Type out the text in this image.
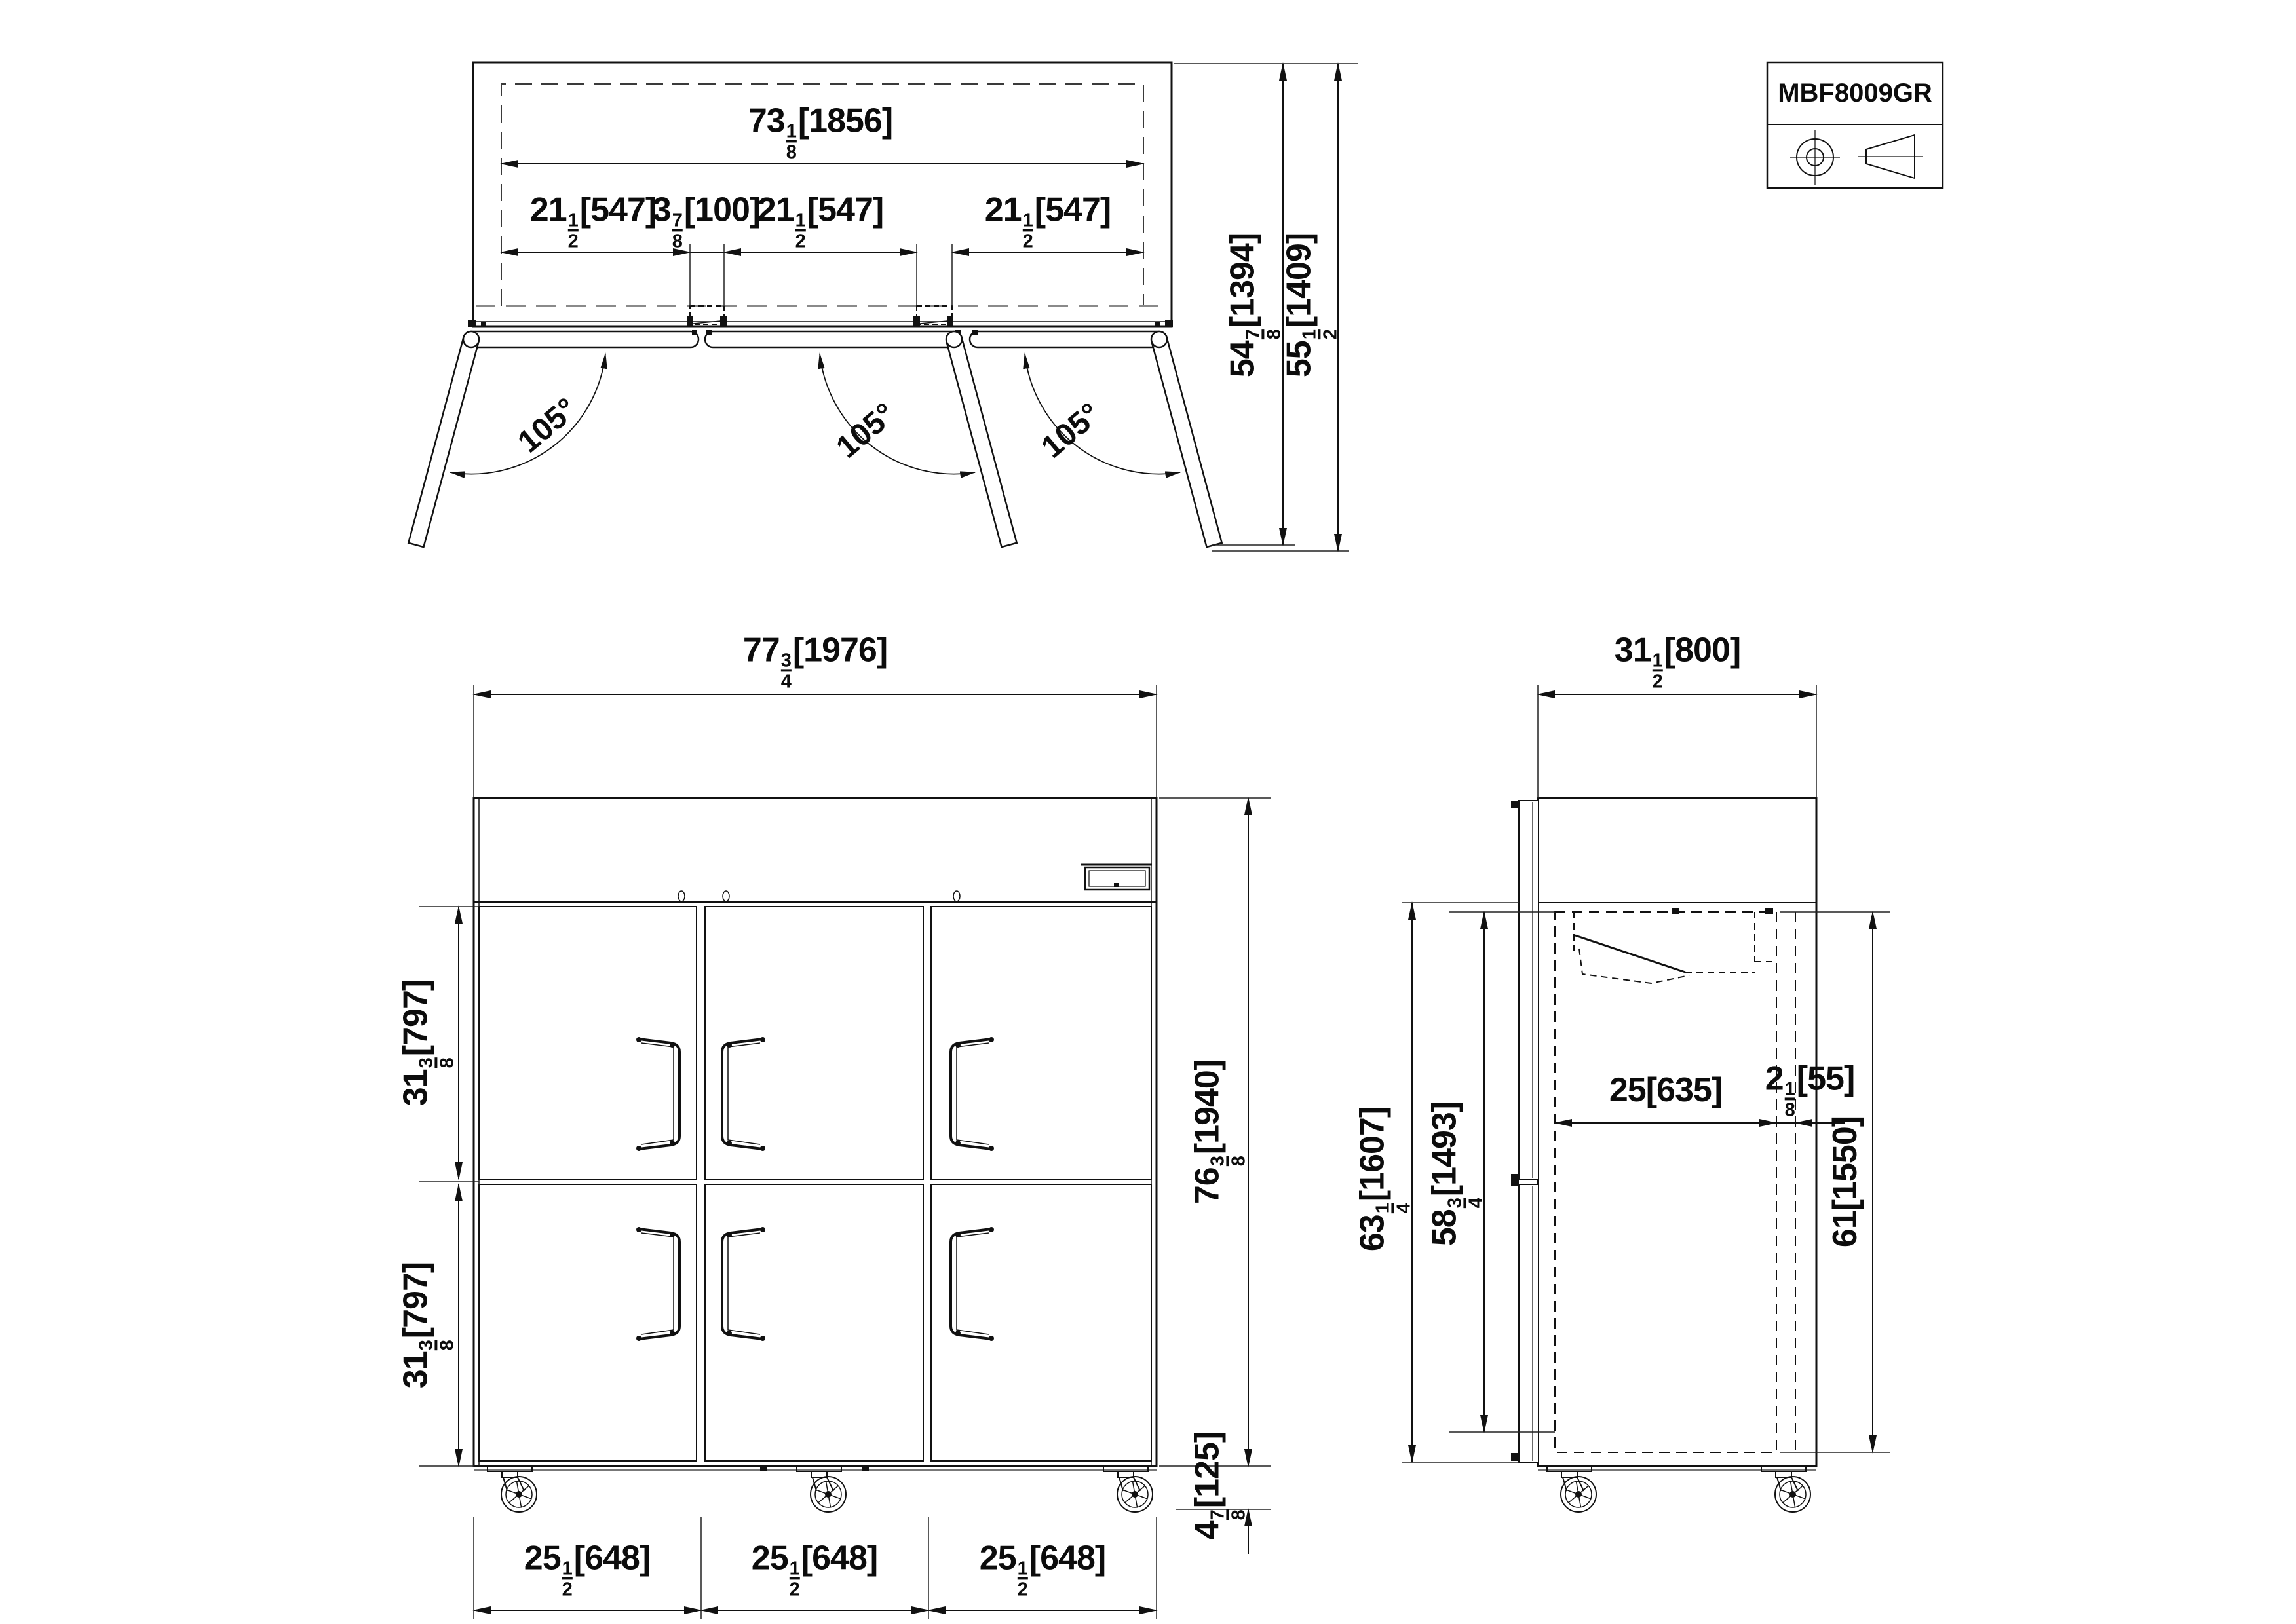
MBF8009GR
73
$\frac{1}{8}$
[1856]
21
$\frac{1}{2}$
[547]
3
$\frac{7}{8}$
[100]
21
$\frac{1}{2}$
[547]	21
$\frac{1}{2}$
[547]
54
7 8
[1394]
55
1 2
[1409]
105°	105°	105°
77
$\frac{3}{4}$
[1976]
31
3 8
[797]
31
3 8
[797]
76
3 8
[1940]
4
7 8
[125]
25
$\frac{1}{2}$
[648]	25
$\frac{1}{2}$
[648]	25
$\frac{1}{2}$
[648]
31
$\frac{1}{2}$
[800]
63
1 4
[1607]
58
3 4
[1493]
25[635] 2
$\frac{1}{8}$
[55]
61[1550]
